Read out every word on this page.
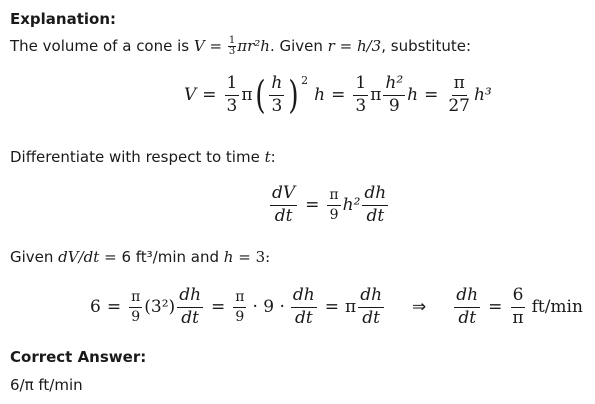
Explanation:
The volume of a cone is $V = \frac{1}{3} \pi r^2h$. Given r = h/3, substitute:
$V = \frac{1}{3}$ π ( $\frac{h}{3} )^2$
$h = \frac{1}{3}$ π $\frac{\text{h²}}{9}$ $h = \frac{\pi}{27} h^3$
Differentiate with respect to time t:
$\frac{dV}{dt} = \frac{\pi}{9} h^2 \frac{dh}{dt}$
Given dV/dt = 6 ft³/min and h = 3:
$6 = \frac{\pi}{9} (3^2) \frac{dh}{dt} = \frac{\pi}{9} \cdot 9 \cdot \frac{dh}{dt} = \pi \frac{dh}{dt}$ ⇒ $\frac{dh}{dt} = \frac{6}{\pi} ft/\min$
Correct Answer:
6/π ft/min
